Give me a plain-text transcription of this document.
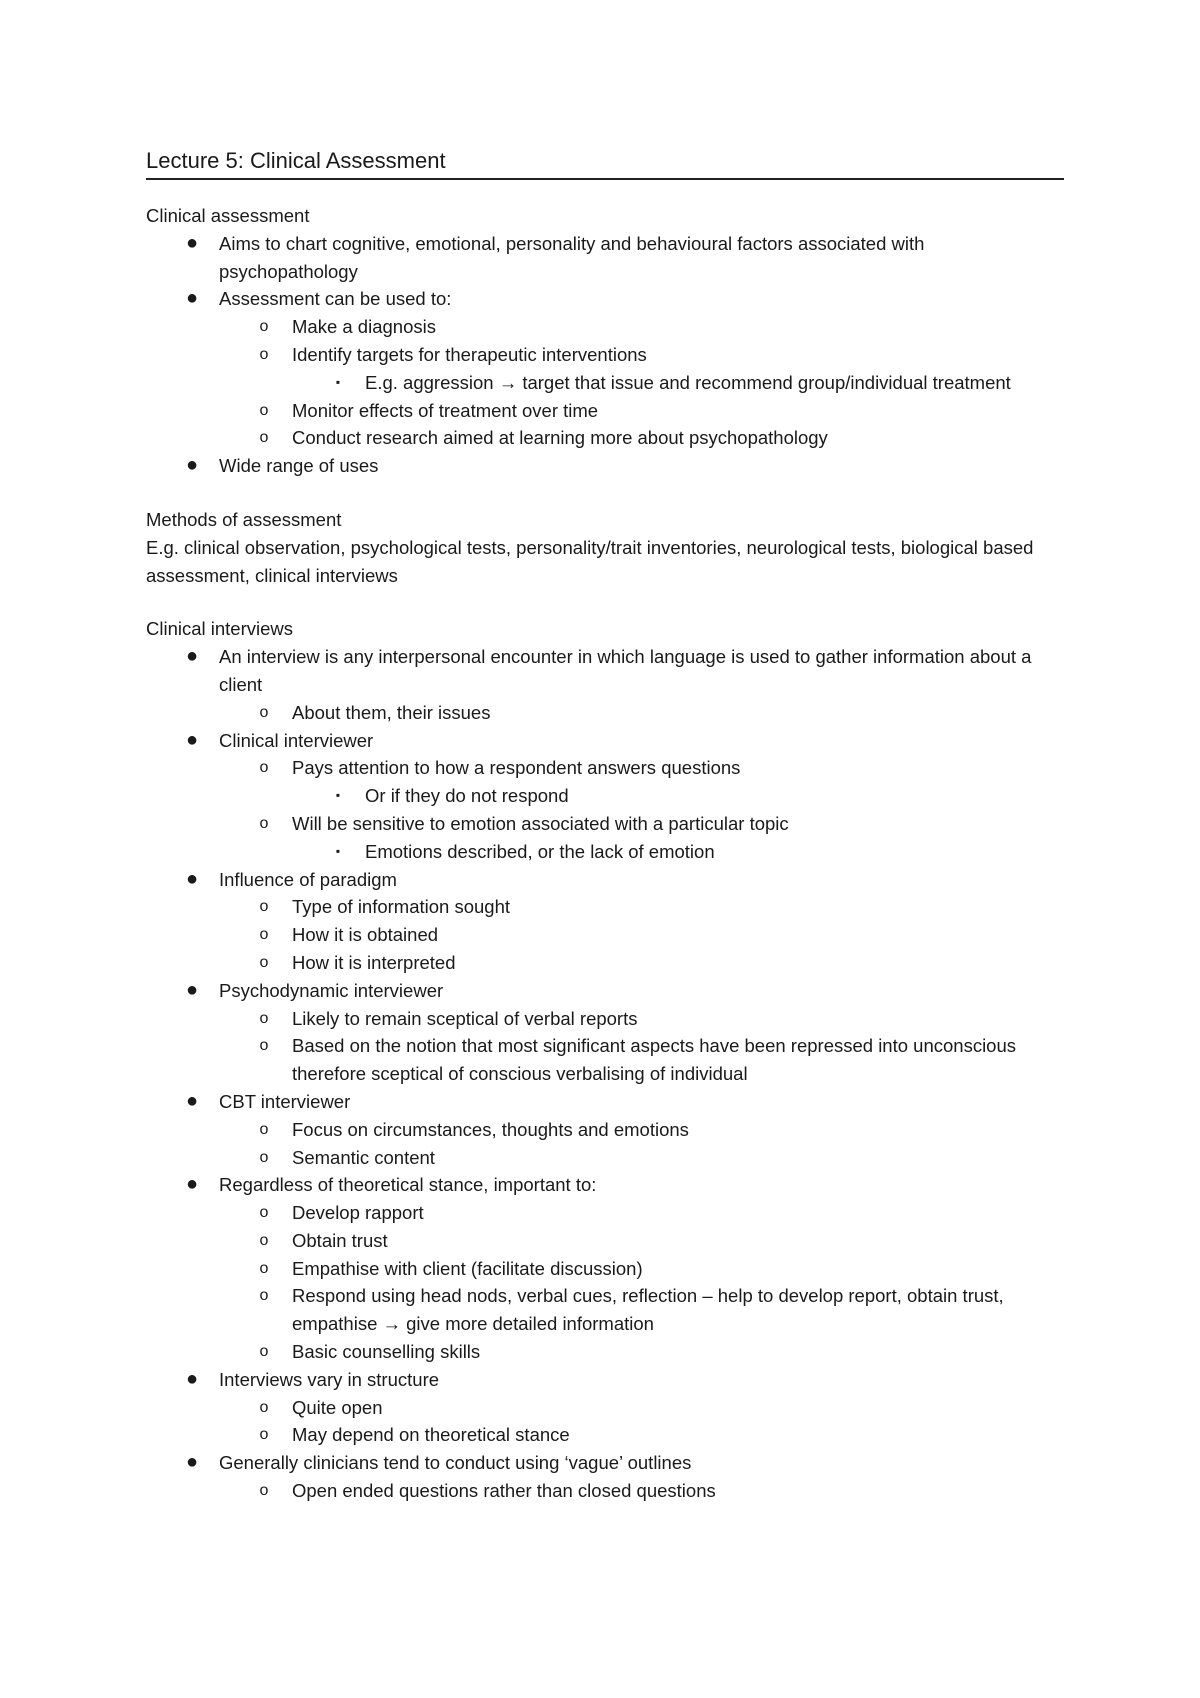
Lecture 5: Clinical Assessment
Clinical assessment
● Aims to chart cognitive, emotional, personality and behavioural factors associated with psychopathology
● Assessment can be used to:
o Make a diagnosis
o Identify targets for therapeutic interventions
▪	E.g. aggression → target that issue and recommend group/individual treatment
o Monitor effects of treatment over time
o Conduct research aimed at learning more about psychopathology
● Wide range of uses
Methods of assessment
E.g. clinical observation, psychological tests, personality/trait inventories, neurological tests, biological based assessment, clinical interviews
Clinical interviews
● An interview is any interpersonal encounter in which language is used to gather information about a client
o About them, their issues
● Clinical interviewer
o Pays attention to how a respondent answers questions
▪	Or if they do not respond
o Will be sensitive to emotion associated with a particular topic
▪	Emotions described, or the lack of emotion
● Influence of paradigm
o Type of information sought
o How it is obtained
o How it is interpreted
● Psychodynamic interviewer
o Likely to remain sceptical of verbal reports
o Based on the notion that most significant aspects have been repressed into unconscious therefore sceptical of conscious verbalising of individual
● CBT interviewer
o Focus on circumstances, thoughts and emotions
o Semantic content
● Regardless of theoretical stance, important to:
o Develop rapport
o Obtain trust
o Empathise with client (facilitate discussion)
o Respond using head nods, verbal cues, reflection – help to develop report, obtain trust, empathise → give more detailed information
o Basic counselling skills
● Interviews vary in structure
o Quite open
o May depend on theoretical stance
● Generally clinicians tend to conduct using ‘vague’ outlines
o Open ended questions rather than closed questions
